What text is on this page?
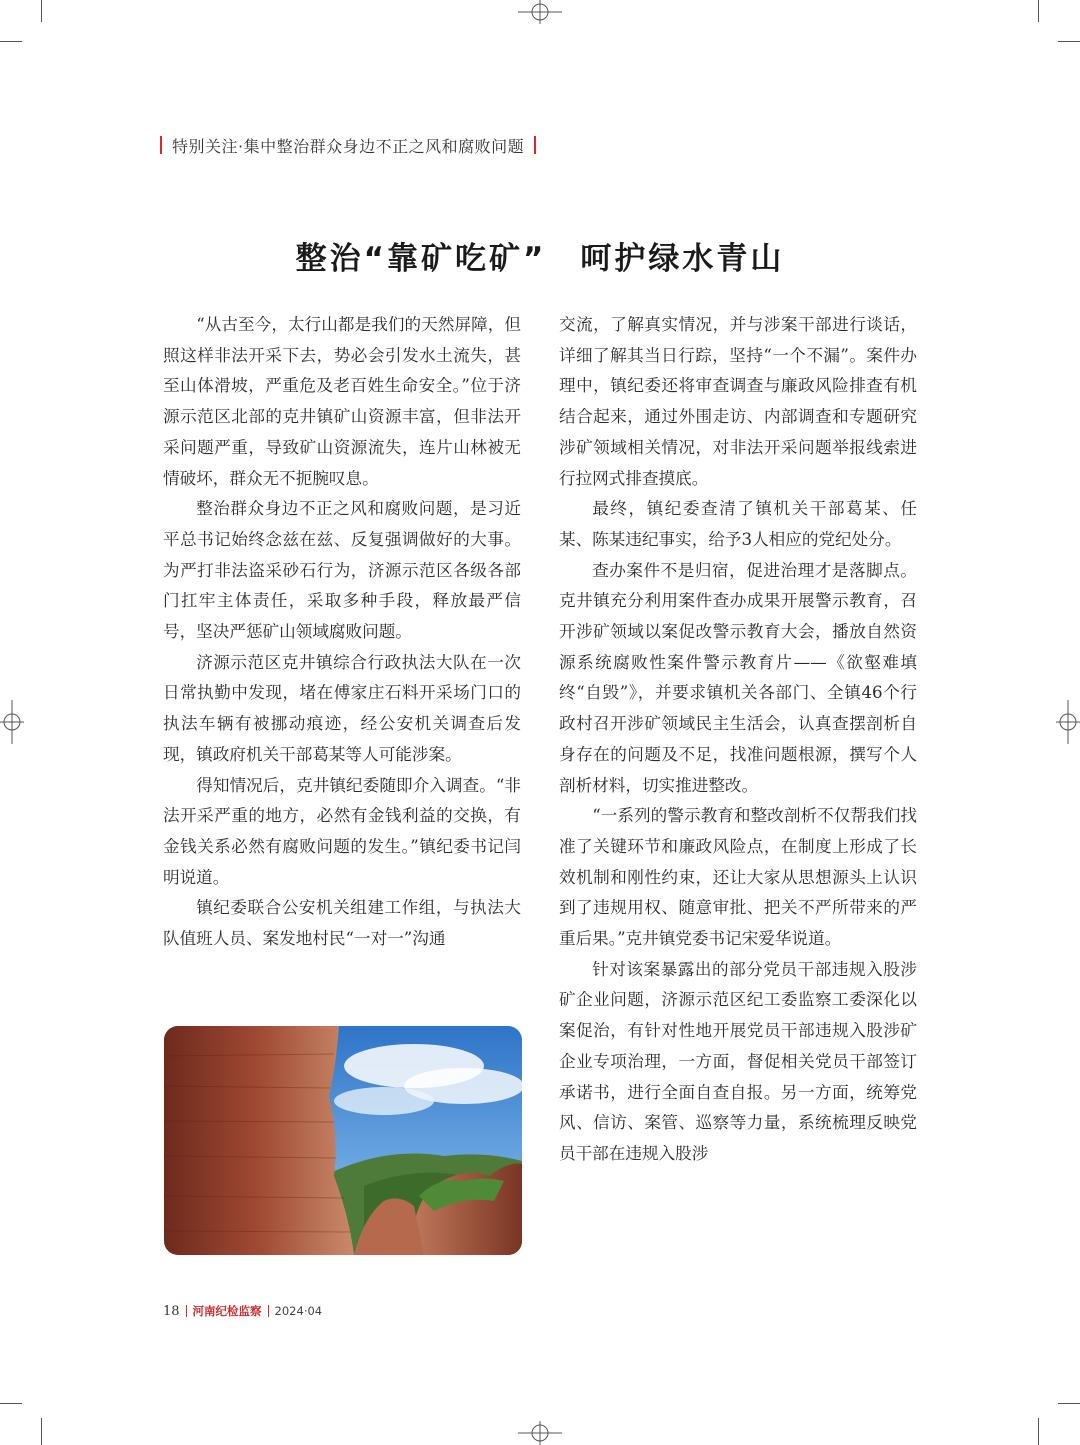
特别关注·集中整治群众身边不正之风和腐败问题
整治“靠矿吃矿”　呵护绿水青山

“从古至今，太行山都是我们的天然屏障，但照这样非法开采下去，势必会引发水土流失，甚至山体滑坡，严重危及老百姓生命安全。”位于济源示范区北部的克井镇矿山资源丰富，但非法开采问题严重，导致矿山资源流失，连片山林被无情破坏，群众无不扼腕叹息。

整治群众身边不正之风和腐败问题，是习近平总书记始终念兹在兹、反复强调做好的大事。为严打非法盗采砂石行为，济源示范区各级各部门扛牢主体责任，采取多种手段，释放最严信号，坚决严惩矿山领域腐败问题。

济源示范区克井镇综合行政执法大队在一次日常执勤中发现，堵在傅家庄石料开采场门口的执法车辆有被挪动痕迹，经公安机关调查后发现，镇政府机关干部葛某等人可能涉案。

得知情况后，克井镇纪委随即介入调查。“非法开采严重的地方，必然有金钱利益的交换，有金钱关系必然有腐败问题的发生。”镇纪委书记闫明说道。

镇纪委联合公安机关组建工作组，与执法大队值班人员、案发地村民“一对一”沟通

交流，了解真实情况，并与涉案干部进行谈话，详细了解其当日行踪，坚持“一个不漏”。案件办理中，镇纪委还将审查调查与廉政风险排查有机结合起来，通过外围走访、内部调查和专题研究涉矿领域相关情况，对非法开采问题举报线索进行拉网式排查摸底。

最终，镇纪委查清了镇机关干部葛某、任某、陈某违纪事实，给予3人相应的党纪处分。

查办案件不是归宿，促进治理才是落脚点。克井镇充分利用案件查办成果开展警示教育，召开涉矿领域以案促改警示教育大会，播放自然资源系统腐败性案件警示教育片——《欲壑难填终“自毁”》，并要求镇机关各部门、全镇46个行政村召开涉矿领域民主生活会，认真查摆剖析自身存在的问题及不足，找准问题根源，撰写个人剖析材料，切实推进整改。

“一系列的警示教育和整改剖析不仅帮我们找准了关键环节和廉政风险点，在制度上形成了长效机制和刚性约束，还让大家从思想源头上认识到了违规用权、随意审批、把关不严所带来的严重后果。”克井镇党委书记宋爱华说道。

针对该案暴露出的部分党员干部违规入股涉矿企业问题，济源示范区纪工委监察工委深化以案促治，有针对性地开展党员干部违规入股涉矿企业专项治理，一方面，督促相关党员干部签订承诺书，进行全面自查自报。另一方面，统筹党风、信访、案管、巡察等力量，系统梳理反映党员干部在违规入股涉

18 河南纪检监察 2024·04
